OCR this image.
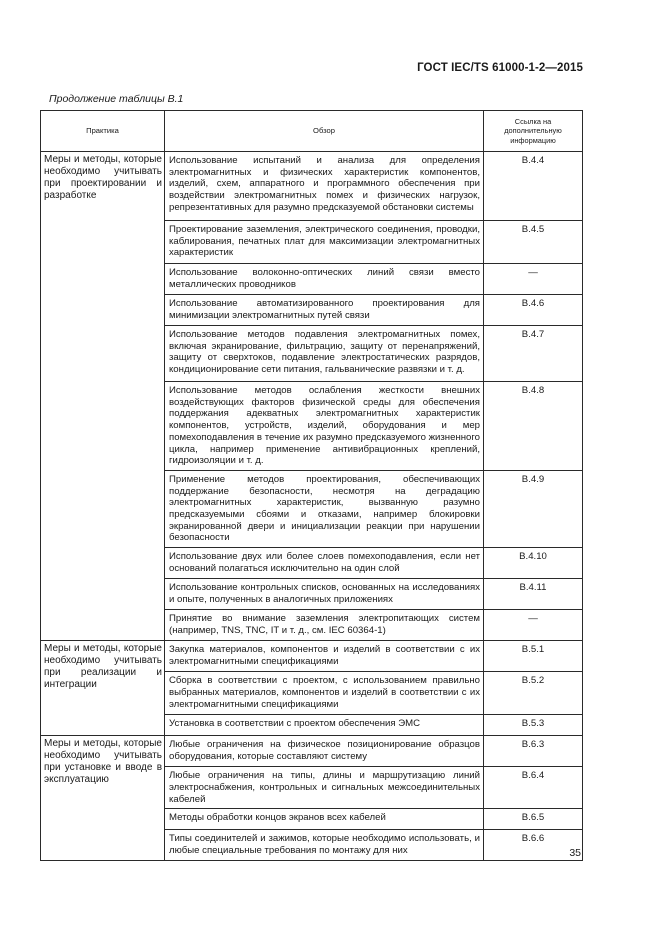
ГОСТ IEC/TS 61000-1-2—2015
Продолжение таблицы В.1
Практика	Обзор	Ссылка на дополнительную информацию
Меры и методы, которые необходимо учитывать при проектировании и разработке	Использование испытаний и анализа для определения электромагнитных и физических характеристик компонентов, изделий, схем, аппаратного и программного обеспечения при воздействии электромагнитных помех и физических нагрузок, репрезентативных для разумно предсказуемой обстановки системы	B.4.4
	Проектирование заземления, электрического соединения, проводки, каблирования, печатных плат для максимизации электромагнитных характеристик	B.4.5
	Использование волоконно-оптических линий связи вместо металлических проводников	—
	Использование автоматизированного проектирования для минимизации электромагнитных путей связи	B.4.6
	Использование методов подавления электромагнитных помех, включая экранирование, фильтрацию, защиту от перенапряжений, защиту от сверхтоков, подавление электростатических разрядов, кондиционирование сети питания, гальванические развязки и т. д.	B.4.7
	Использование методов ослабления жесткости внешних воздействующих факторов физической среды для обеспечения поддержания адекватных электромагнитных характеристик компонентов, устройств, изделий, оборудования и мер помехоподавления в течение их разумно предсказуемого жизненного цикла, например применение антивибрационных креплений, гидроизоляции и т. д.	B.4.8
	Применение методов проектирования, обеспечивающих поддержание безопасности, несмотря на деградацию электромагнитных характеристик, вызванную разумно предсказуемыми сбоями и отказами, например блокировки экранированной двери и инициализации реакции при нарушении безопасности	B.4.9
	Использование двух или более слоев помехоподавления, если нет оснований полагаться исключительно на один слой	B.4.10
	Использование контрольных списков, основанных на исследованиях и опыте, полученных в аналогичных приложениях	B.4.11
	Принятие во внимание заземления электропитающих систем (например, TNS, TNC, IT и т. д., см. IEC 60364-1)	—
Меры и методы, которые необходимо учитывать при реализации и интеграции	Закупка материалов, компонентов и изделий в соответствии с их электромагнитными спецификациями	B.5.1
	Сборка в соответствии с проектом, с использованием правильно выбранных материалов, компонентов и изделий в соответствии с их электромагнитными спецификациями	B.5.2
	Установка в соответствии с проектом обеспечения ЭМС	B.5.3
Меры и методы, которые необходимо учитывать при установке и вводе в эксплуатацию	Любые ограничения на физическое позиционирование образцов оборудования, которые составляют систему	B.6.3
	Любые ограничения на типы, длины и маршрутизацию линий электроснабжения, контрольных и сигнальных межсоединительных кабелей	B.6.4
	Методы обработки концов экранов всех кабелей	B.6.5
	Типы соединителей и зажимов, которые необходимо использовать, и любые специальные требования по монтажу для них	B.6.6
35
